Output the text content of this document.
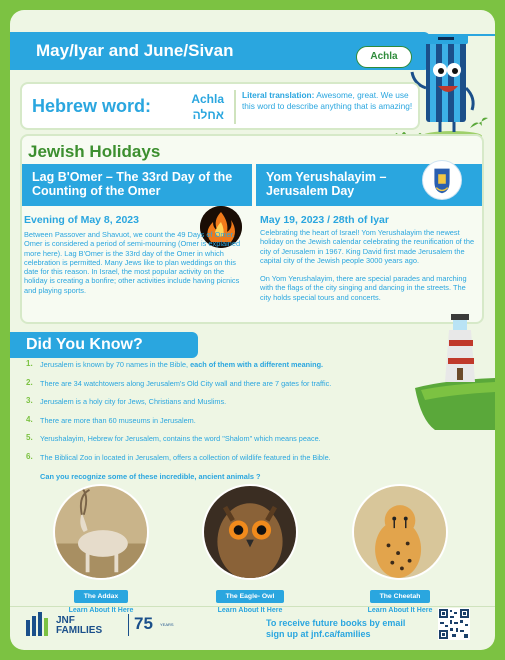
May/Iyar and June/Sivan	Achla
Hebrew word:	Achla
אחלה
Literal translation: Awesome, great. We use this word to describe anything that is amazing!
Jewish Holidays
Lag B'Omer – The 33rd Day of the Counting of the Omer
Yom Yerushalayim – Jerusalem Day
Evening of May 8, 2023	May 19, 2023 / 28th of Iyar
Between Passover and Shavuot, we count the 49 Days of Omer. Omer is considered a period of semi-mourning (Omer is explained more here). Lag B'Omer is the 33rd day of the Omer in which celebration is permitted. Many Jews like to plan weddings on this date for this reason. In Israel, the most popular activity on the holiday is creating a bonfire; other activities include having picnics and playing sports.
Celebrating the heart of Israel! Yom Yerushalayim the newest holiday on the Jewish calendar celebrating the reunification of the city of Jerusalem in 1967. King David first made Jerusalem the capital city of the Jewish people 3000 years ago.
On Yom Yerushalayim, there are special parades and marching with the flags of the city singing and dancing in the streets. The city holds special tours and concerts.
Did You Know?
1. Jerusalem is known by 70 names in the Bible, each of them with a different meaning.
2. There are 34 watchtowers along Jerusalem's Old City wall and there are 7 gates for traffic.
3. Jerusalem is a holy city for Jews, Christians and Muslims.
4. There are more than 60 museums in Jerusalem.
5. Yerushalayim, Hebrew for Jerusalem, contains the word "Shalom" which means peace.
6. The Biblical Zoo in located in Jerusalem, offers a collection of wildlife featured in the Bible.
Can you recognize some of these incredible, ancient animals ?
The Addax
Learn About It Here
The Eagle- Owl
Learn About It Here
The Cheetah
Learn About It Here
JNF
FAMILIES 75 YEARS	To receive future books by email
sign up at jnf.ca/families
